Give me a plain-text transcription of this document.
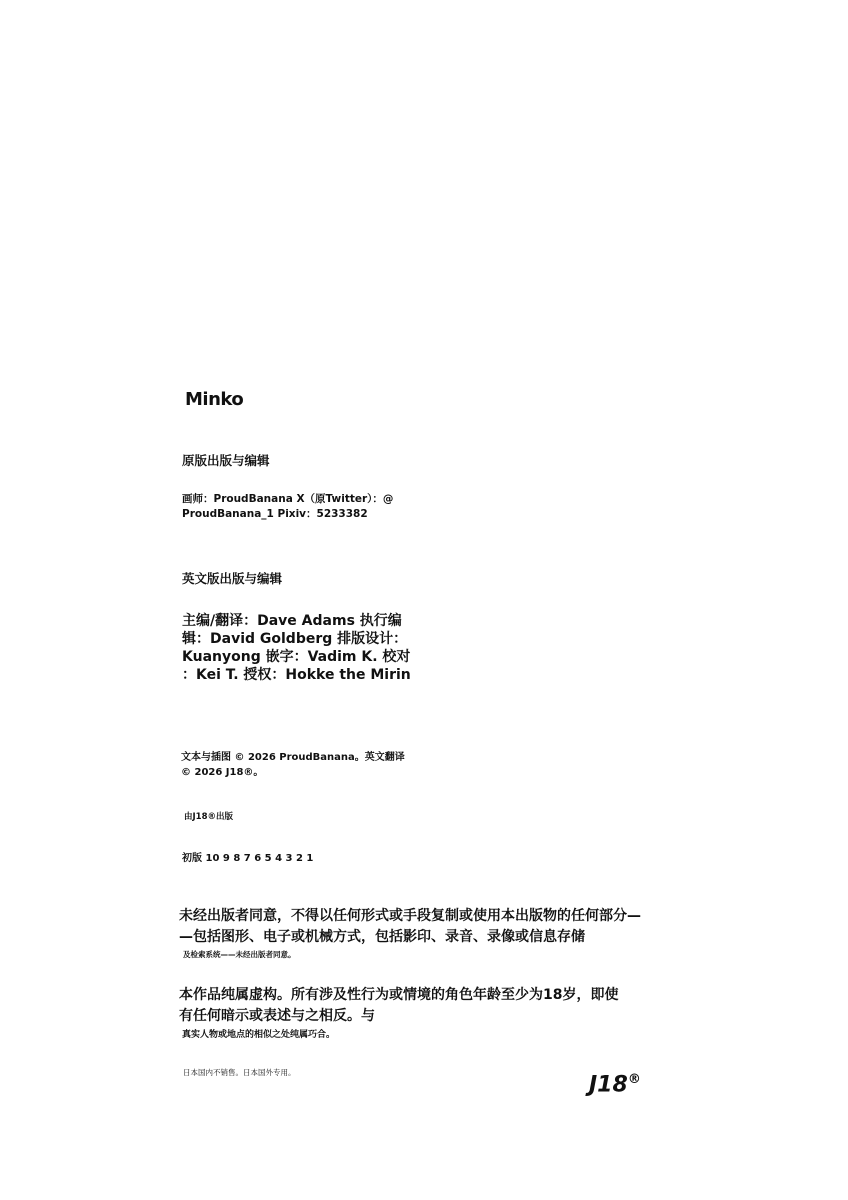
Minko
原版出版与编辑
画师：ProudBanana X（原Twitter）：@
ProudBanana_1 Pixiv：5233382
英文版出版与编辑
主编/翻译：Dave Adams 执行编
辑：David Goldberg 排版设计：
Kuanyong 嵌字：Vadim K. 校对
：Kei T. 授权：Hokke the Mirin
文本与插图 © 2026 ProudBanana。英文翻译
© 2026 J18®。
由J18®出版
初版 10 9 8 7 6 5 4 3 2 1
未经出版者同意，不得以任何形式或手段复制或使用本出版物的任何部分—
—包括图形、电子或机械方式，包括影印、录音、录像或信息存储
及检索系统——未经出版者同意。
本作品纯属虚构。所有涉及性行为或情境的角色年龄至少为18岁，即使
有任何暗示或表述与之相反。与
真实人物或地点的相似之处纯属巧合。
日本国内不销售。日本国外专用。	J18®
